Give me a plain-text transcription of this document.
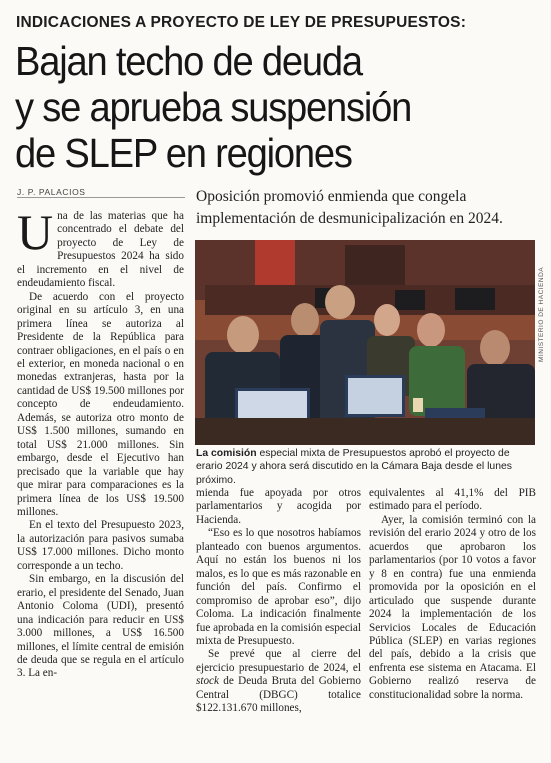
INDICACIONES A PROYECTO DE LEY DE PRESUPUESTOS:
Bajan techo de deuda
y se aprueba suspensión
de SLEP en regiones
J. P. PALACIOS	Oposición promovió enmienda que congela
implementación de desmunicipalización en 2024.

Una de las materias que ha concentrado el debate del proyecto de Ley de Presupuestos 2024 ha sido el incremento en el nivel de endeudamiento fiscal.

De acuerdo con el proyecto original en su artículo 3, en una primera línea se autoriza al Presidente de la República para contraer obligaciones, en el país o en el exterior, en moneda nacional o en monedas extranjeras, hasta por la cantidad de US$ 19.500 millones por concepto de endeudamiento. Además, se autoriza otro monto de US$ 1.500 millones, sumando en total US$ 21.000 millones. Sin embargo, desde el Ejecutivo han precisado que la variable que hay que mirar para comparaciones es la primera línea de los US$ 19.500 millones.

En el texto del Presupuesto 2023, la autorización para pasivos sumaba US$ 17.000 millones. Dicho monto corresponde a un techo.

Sin embargo, en la discusión del erario, el presidente del Senado, Juan Antonio Coloma (UDI), presentó una indicación para reducir en US$ 3.000 millones, a US$ 16.500 millones, el límite central de emisión de deuda que se regula en el artículo 3. La en-

MINISTERIO DE HACIENDA
La comisión especial mixta de Presupuestos aprobó el proyecto de erario 2024 y ahora será discutido en la Cámara Baja desde el lunes próximo.

mienda fue apoyada por otros parlamentarios y acogida por Hacienda.

“Eso es lo que nosotros habíamos planteado con buenos argumentos. Aquí no están los buenos ni los malos, es lo que es más razonable en función del país. Confirmo el compromiso de aprobar eso”, dijo Coloma. La indicación finalmente fue aprobada en la comisión especial mixta de Presupuesto.

Se prevé que al cierre del ejercicio presupuestario de 2024, el stock de Deuda Bruta del Gobierno Central (DBGC) totalice $122.131.670 millones,

equivalentes al 41,1% del PIB estimado para el período.

Ayer, la comisión terminó con la revisión del erario 2024 y otro de los acuerdos que aprobaron los parlamentarios (por 10 votos a favor y 8 en contra) fue una enmienda promovida por la oposición en el articulado que suspende durante 2024 la implementación de los Servicios Locales de Educación Pública (SLEP) en varias regiones del país, debido a la crisis que enfrenta ese sistema en Atacama. El Gobierno realizó reserva de constitucionalidad sobre la norma.
